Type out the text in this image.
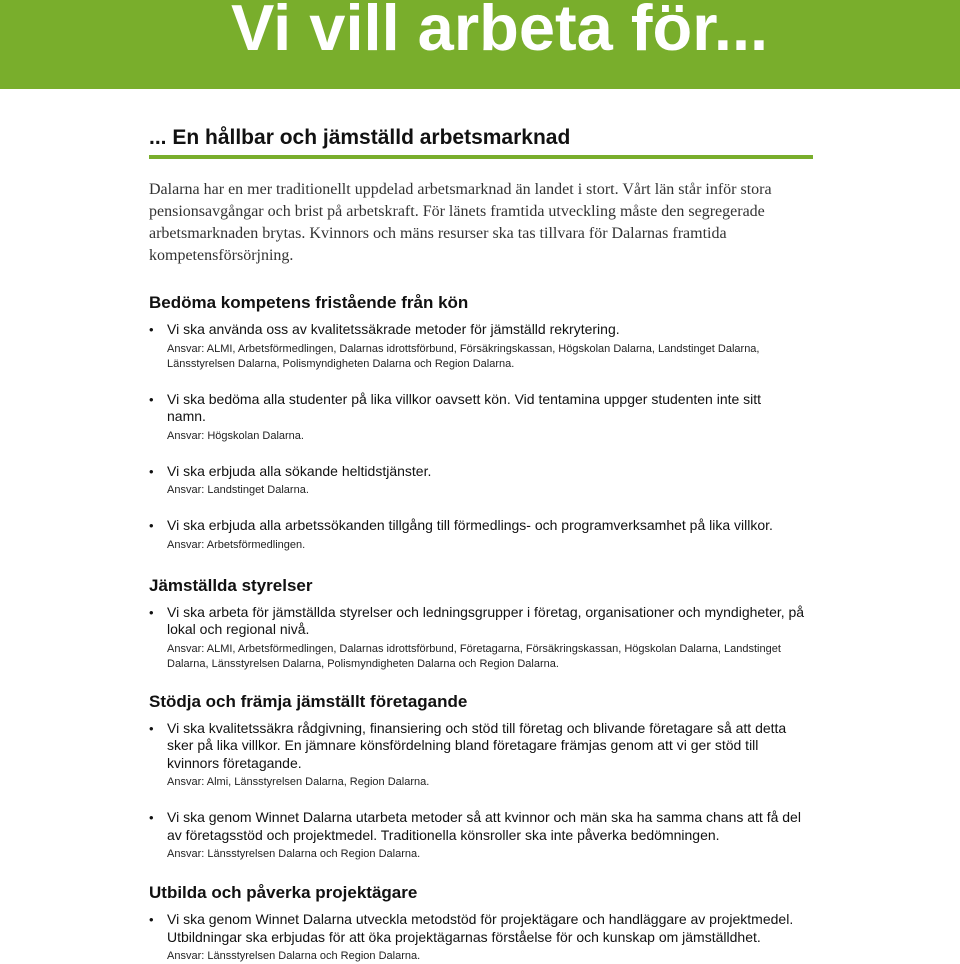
Vi vill arbeta för...
... En hållbar och jämställd arbetsmarknad

Dalarna har en mer traditionellt uppdelad arbetsmarknad än landet i stort. Vårt län står inför stora pensionsavgångar och brist på arbetskraft. För länets framtida utveckling måste den segregerade arbetsmarknaden brytas. Kvinnors och mäns resurser ska tas tillvara för Dalarnas framtida kompetensförsörjning.

Bedöma kompetens fristående från kön
• Vi ska använda oss av kvalitetssäkrade metoder för jämställd rekrytering.

Ansvar: ALMI, Arbetsförmedlingen, Dalarnas idrottsförbund, Försäkringskassan, Högskolan Dalarna, Landstinget Dalarna, Länsstyrelsen Dalarna, Polismyndigheten Dalarna och Region Dalarna.

• Vi ska bedöma alla studenter på lika villkor oavsett kön. Vid tentamina uppger studenten inte sitt namn.

Ansvar: Högskolan Dalarna.

• Vi ska erbjuda alla sökande heltidstjänster.

Ansvar: Landstinget Dalarna.

• Vi ska erbjuda alla arbetssökanden tillgång till förmedlings- och programverksamhet på lika villkor.

Ansvar: Arbetsförmedlingen.

Jämställda styrelser
• Vi ska arbeta för jämställda styrelser och ledningsgrupper i företag, organisationer och myndigheter, på lokal och regional nivå.

Ansvar: ALMI, Arbetsförmedlingen, Dalarnas idrottsförbund, Företagarna, Försäkringskassan, Högskolan Dalarna, Landstinget Dalarna, Länsstyrelsen Dalarna, Polismyndigheten Dalarna och Region Dalarna.

Stödja och främja jämställt företagande
• Vi ska kvalitetssäkra rådgivning, finansiering och stöd till företag och blivande företagare så att detta sker på lika villkor. En jämnare könsfördelning bland företagare främjas genom att vi ger stöd till kvinnors företagande.

Ansvar: Almi, Länsstyrelsen Dalarna, Region Dalarna.

• Vi ska genom Winnet Dalarna utarbeta metoder så att kvinnor och män ska ha samma chans att få del av företagsstöd och projektmedel. Traditionella könsroller ska inte påverka bedömningen.

Ansvar: Länsstyrelsen Dalarna och Region Dalarna.

Utbilda och påverka projektägare
• Vi ska genom Winnet Dalarna utveckla metodstöd för projektägare och handläggare av projektmedel. Utbildningar ska erbjudas för att öka projektägarnas förståelse för och kunskap om jämställdhet.

Ansvar: Länsstyrelsen Dalarna och Region Dalarna.
